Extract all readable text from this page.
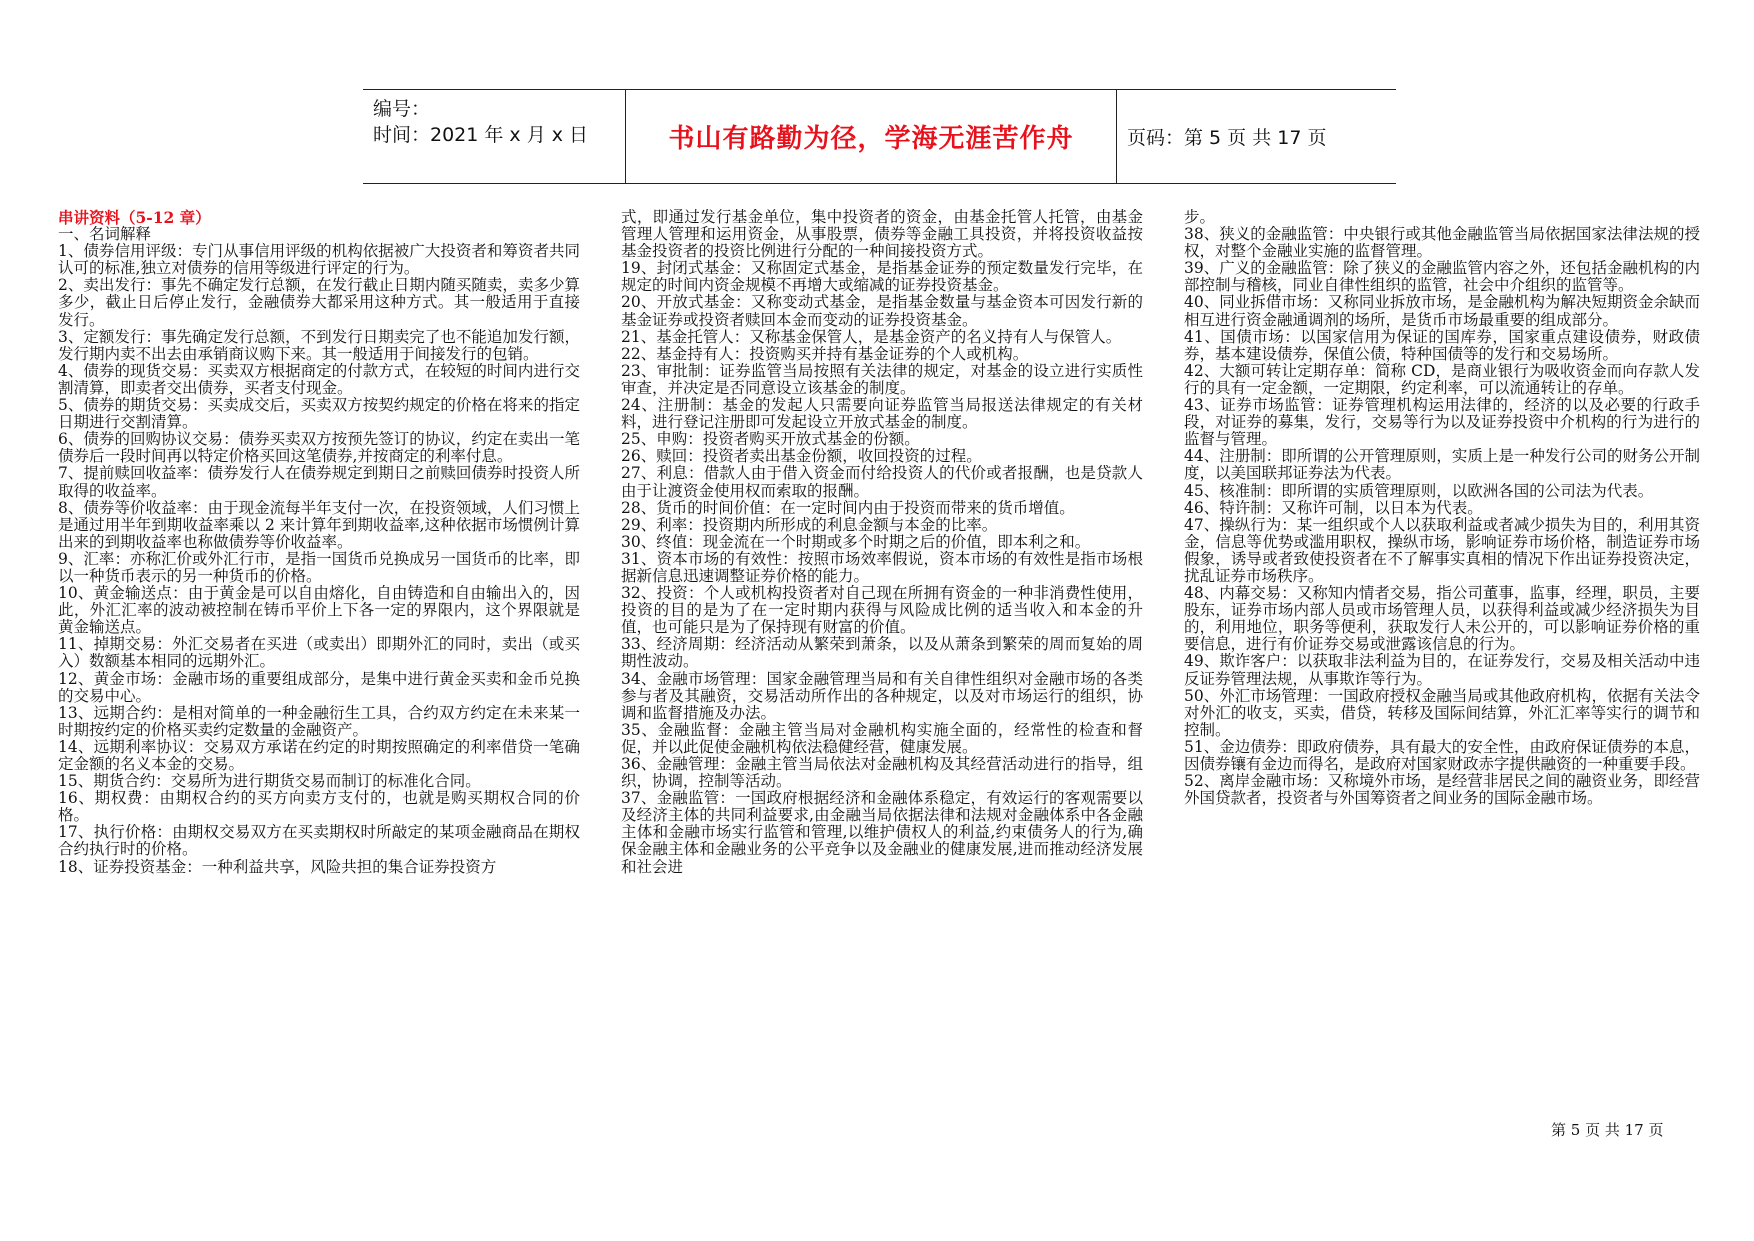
编号：
时间：2021 年 x 月 x 日	书山有路勤为径，学海无涯苦作舟	页码：第 5 页 共 17 页

串讲资料（5-12 章）

一、名词解释

1、债券信用评级：专门从事信用评级的机构依据被广大投资者和筹资者共同认可的标准,独立对债券的信用等级进行评定的行为。

2、卖出发行：事先不确定发行总额，在发行截止日期内随买随卖，卖多少算多少，截止日后停止发行，金融债券大都采用这种方式。其一般适用于直接发行。

3、定额发行：事先确定发行总额，不到发行日期卖完了也不能追加发行额，发行期内卖不出去由承销商议购下来。其一般适用于间接发行的包销。

4、债券的现货交易：买卖双方根据商定的付款方式，在较短的时间内进行交割清算，即卖者交出债券，买者支付现金。

5、债券的期货交易：买卖成交后，买卖双方按契约规定的价格在将来的指定日期进行交割清算。

6、债券的回购协议交易：债券买卖双方按预先签订的协议，约定在卖出一笔债券后一段时间再以特定价格买回这笔债券,并按商定的利率付息。

7、提前赎回收益率：债券发行人在债券规定到期日之前赎回债券时投资人所取得的收益率。

8、债券等价收益率：由于现金流每半年支付一次，在投资领域，人们习惯上是通过用半年到期收益率乘以 2 来计算年到期收益率,这种依据市场惯例计算出来的到期收益率也称做债券等价收益率。

9、汇率：亦称汇价或外汇行市，是指一国货币兑换成另一国货币的比率，即以一种货币表示的另一种货币的价格。

10、黄金输送点：由于黄金是可以自由熔化，自由铸造和自由输出入的，因此，外汇汇率的波动被控制在铸币平价上下各一定的界限内，这个界限就是黄金输送点。

11、掉期交易：外汇交易者在买进（或卖出）即期外汇的同时，卖出（或买入）数额基本相同的远期外汇。

12、黄金市场：金融市场的重要组成部分，是集中进行黄金买卖和金币兑换的交易中心。

13、远期合约：是相对简单的一种金融衍生工具，合约双方约定在未来某一时期按约定的价格买卖约定数量的金融资产。

14、远期利率协议：交易双方承诺在约定的时期按照确定的利率借贷一笔确定金额的名义本金的交易。

15、期货合约：交易所为进行期货交易而制订的标准化合同。

16、期权费：由期权合约的买方向卖方支付的，也就是购买期权合同的价格。

17、执行价格：由期权交易双方在买卖期权时所敲定的某项金融商品在期权合约执行时的价格。

18、证券投资基金：一种利益共享，风险共担的集合证券投资方

式，即通过发行基金单位，集中投资者的资金，由基金托管人托管，由基金管理人管理和运用资金，从事股票，债券等金融工具投资，并将投资收益按基金投资者的投资比例进行分配的一种间接投资方式。

19、封闭式基金：又称固定式基金，是指基金证券的预定数量发行完毕，在规定的时间内资金规模不再增大或缩减的证券投资基金。

20、开放式基金：又称变动式基金，是指基金数量与基金资本可因发行新的基金证券或投资者赎回本金而变动的证券投资基金。

21、基金托管人：又称基金保管人，是基金资产的名义持有人与保管人。

22、基金持有人：投资购买并持有基金证券的个人或机构。

23、审批制：证券监管当局按照有关法律的规定，对基金的设立进行实质性审查，并决定是否同意设立该基金的制度。

24、注册制：基金的发起人只需要向证券监管当局报送法律规定的有关材料，进行登记注册即可发起设立开放式基金的制度。

25、申购：投资者购买开放式基金的份额。

26、赎回：投资者卖出基金份额，收回投资的过程。

27、利息：借款人由于借入资金而付给投资人的代价或者报酬，也是贷款人由于让渡资金使用权而索取的报酬。

28、货币的时间价值：在一定时间内由于投资而带来的货币增值。

29、利率：投资期内所形成的利息金额与本金的比率。

30、终值：现金流在一个时期或多个时期之后的价值，即本利之和。

31、资本市场的有效性：按照市场效率假说，资本市场的有效性是指市场根据新信息迅速调整证券价格的能力。

32、投资：个人或机构投资者对自己现在所拥有资金的一种非消费性使用，投资的目的是为了在一定时期内获得与风险成比例的适当收入和本金的升值，也可能只是为了保持现有财富的价值。

33、经济周期：经济活动从繁荣到萧条，以及从萧条到繁荣的周而复始的周期性波动。

34、金融市场管理：国家金融管理当局和有关自律性组织对金融市场的各类参与者及其融资，交易活动所作出的各种规定，以及对市场运行的组织，协调和监督措施及办法。

35、金融监督：金融主管当局对金融机构实施全面的，经常性的检查和督促，并以此促使金融机构依法稳健经营，健康发展。

36、金融管理：金融主管当局依法对金融机构及其经营活动进行的指导，组织，协调，控制等活动。

37、金融监管：一国政府根据经济和金融体系稳定，有效运行的客观需要以及经济主体的共同利益要求,由金融当局依据法律和法规对金融体系中各金融主体和金融市场实行监管和管理,以维护债权人的利益,约束债务人的行为,确保金融主体和金融业务的公平竞争以及金融业的健康发展,进而推动经济发展和社会进

步。

38、狭义的金融监管：中央银行或其他金融监管当局依据国家法律法规的授权，对整个金融业实施的监督管理。

39、广义的金融监管：除了狭义的金融监管内容之外，还包括金融机构的内部控制与稽核，同业自律性组织的监管，社会中介组织的监管等。

40、同业拆借市场：又称同业拆放市场，是金融机构为解决短期资金余缺而相互进行资金融通调剂的场所，是货币市场最重要的组成部分。

41、国债市场：以国家信用为保证的国库券，国家重点建设债券，财政债券，基本建设债券，保值公债，特种国债等的发行和交易场所。

42、大额可转让定期存单：简称 CD，是商业银行为吸收资金而向存款人发行的具有一定金额，一定期限，约定利率，可以流通转让的存单。

43、证券市场监管：证券管理机构运用法律的，经济的以及必要的行政手段，对证券的募集，发行，交易等行为以及证券投资中介机构的行为进行的监督与管理。

44、注册制：即所谓的公开管理原则，实质上是一种发行公司的财务公开制度，以美国联邦证券法为代表。

45、核准制：即所谓的实质管理原则，以欧洲各国的公司法为代表。

46、特许制：又称许可制，以日本为代表。

47、操纵行为：某一组织或个人以获取利益或者减少损失为目的，利用其资金，信息等优势或滥用职权，操纵市场，影响证券市场价格，制造证券市场假象，诱导或者致使投资者在不了解事实真相的情况下作出证券投资决定，扰乱证券市场秩序。

48、内幕交易：又称知内情者交易，指公司董事，监事，经理，职员，主要股东，证券市场内部人员或市场管理人员，以获得利益或减少经济损失为目的，利用地位，职务等便利，获取发行人未公开的，可以影响证券价格的重要信息，进行有价证券交易或泄露该信息的行为。

49、欺诈客户：以获取非法利益为目的，在证券发行，交易及相关活动中违反证券管理法规，从事欺诈等行为。

50、外汇市场管理：一国政府授权金融当局或其他政府机构，依据有关法令对外汇的收支，买卖，借贷，转移及国际间结算，外汇汇率等实行的调节和控制。

51、金边债券：即政府债券，具有最大的安全性，由政府保证债券的本息，因债券镶有金边而得名，是政府对国家财政赤字提供融资的一种重要手段。

52、离岸金融市场：又称境外市场，是经营非居民之间的融资业务，即经营外国贷款者，投资者与外国筹资者之间业务的国际金融市场。

第 5 页 共 17 页
